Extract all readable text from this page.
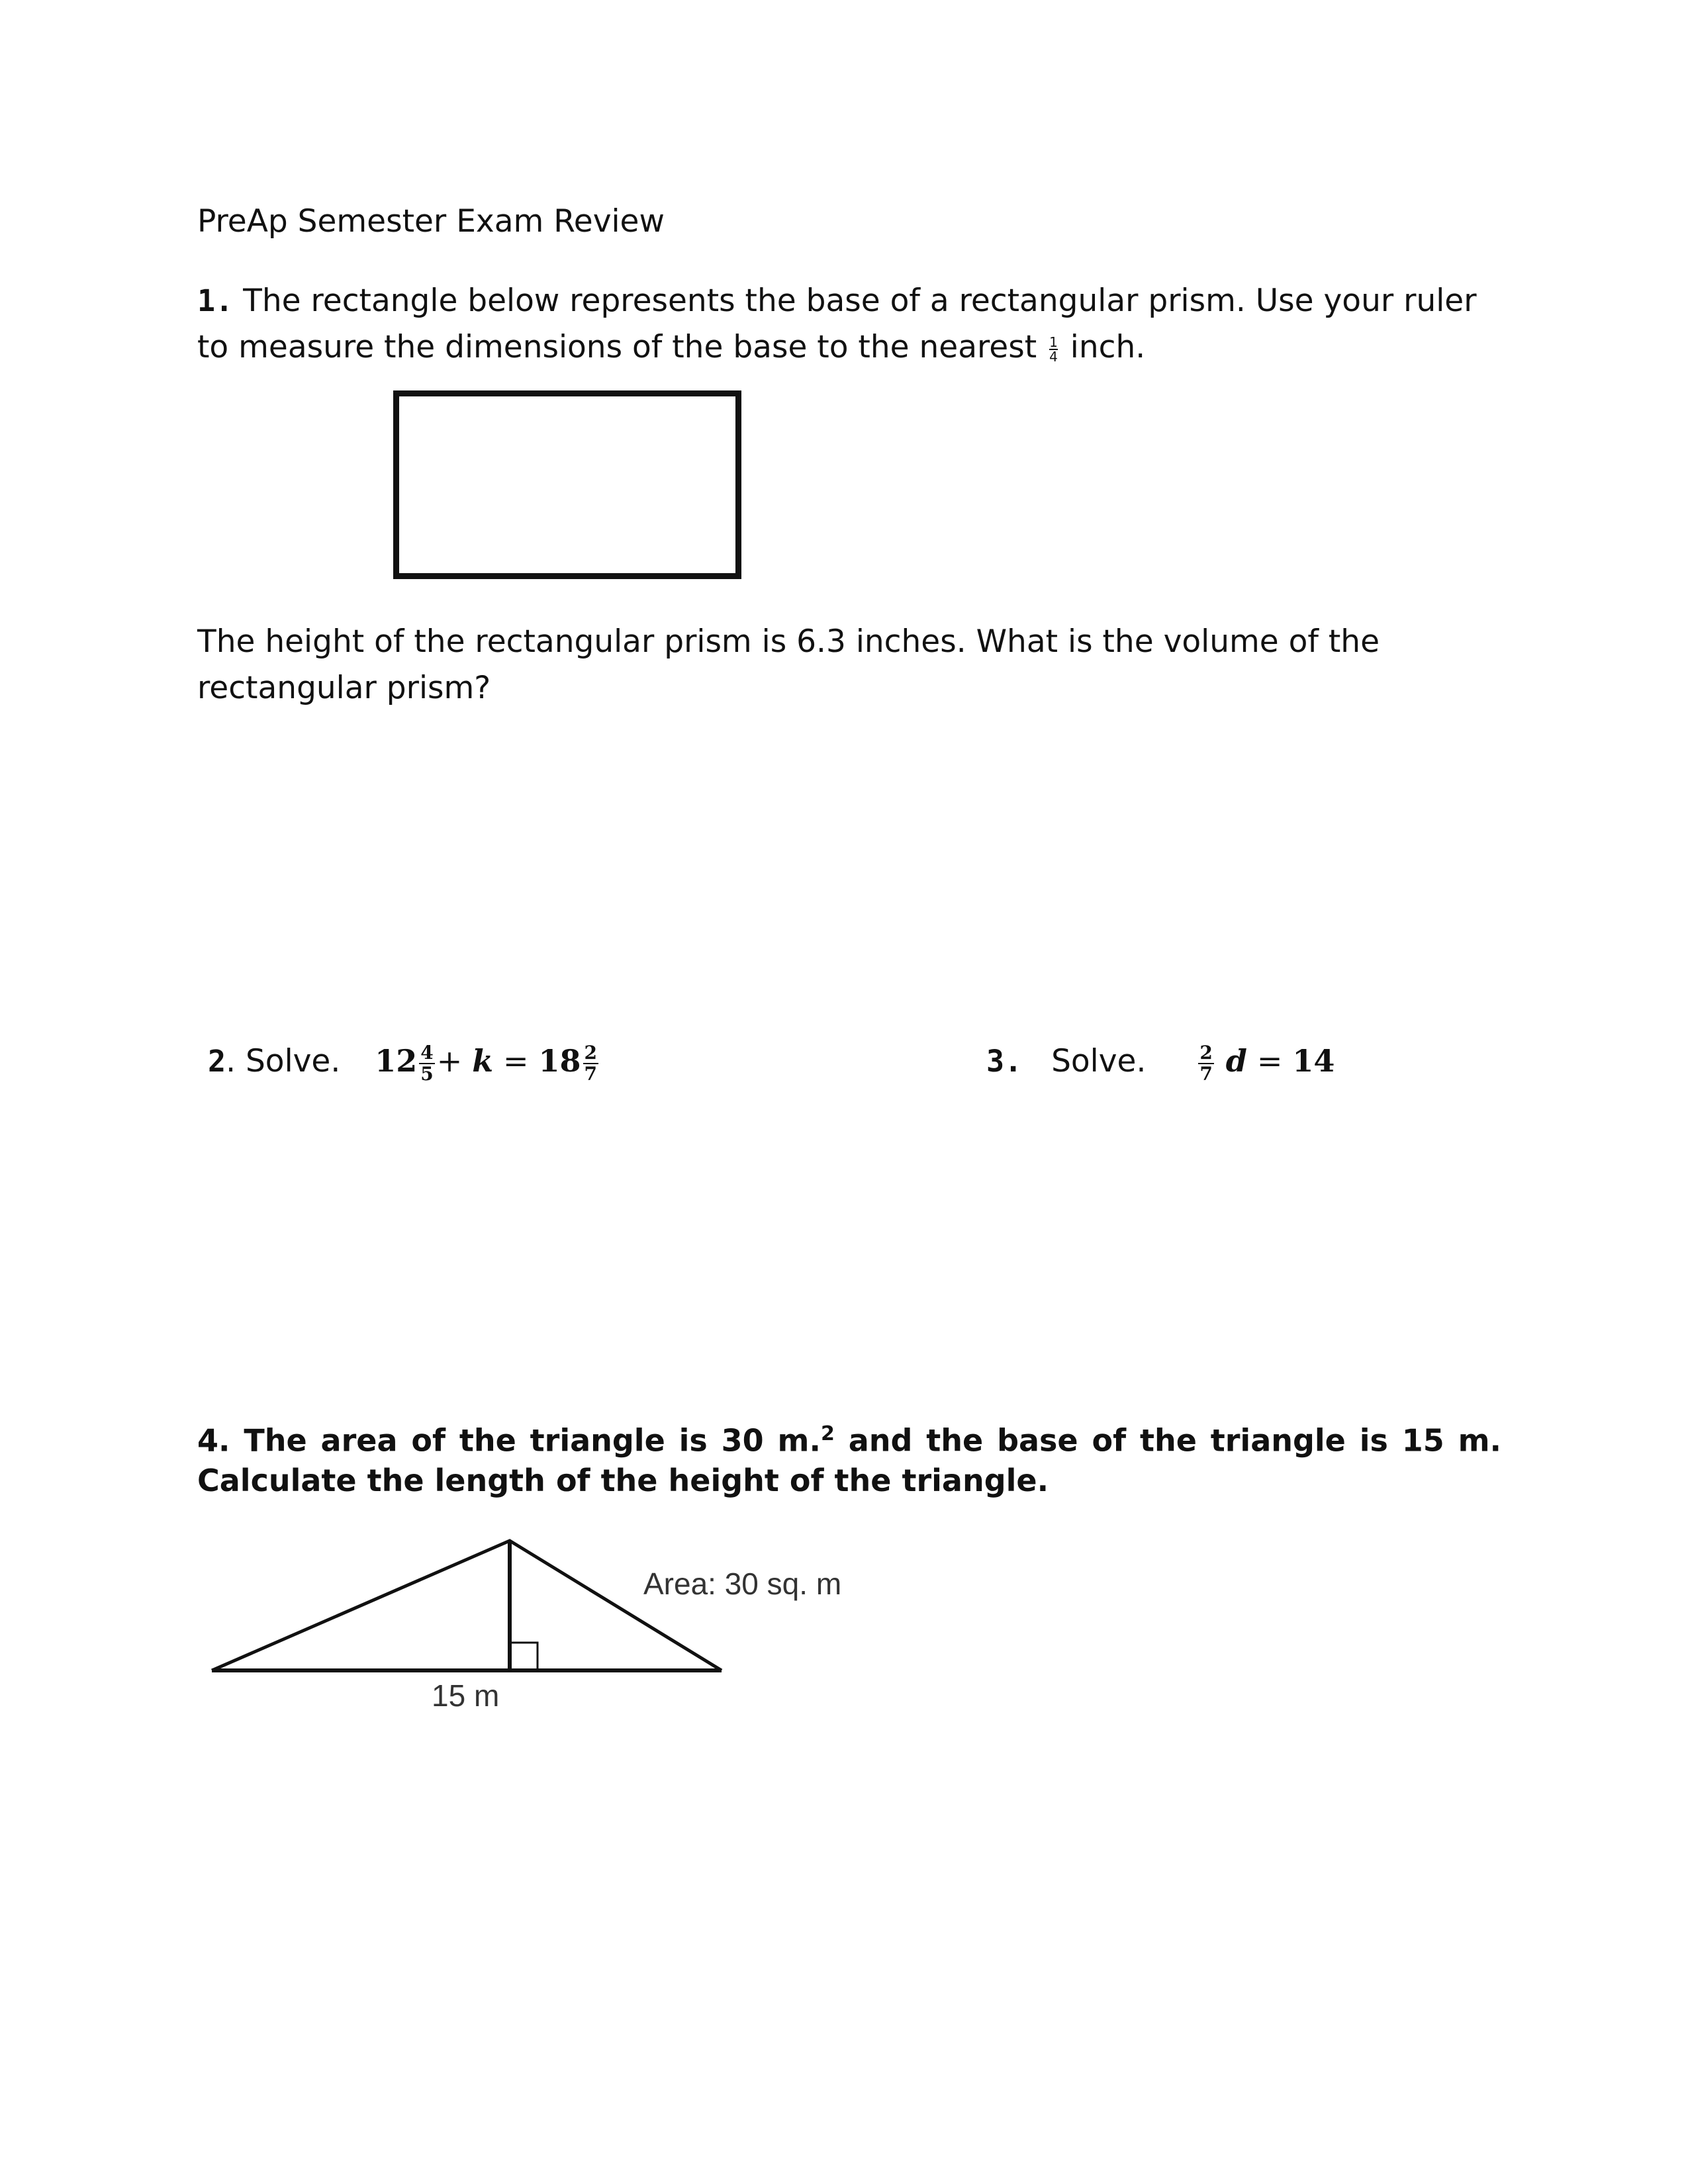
PreAp Semester Exam Review
1. The rectangle below represents the base of a rectangular prism. Use your ruler
to measure the dimensions of the base to the nearest $\frac{1}{4}$ inch.
The height of the rectangular prism is 6.3 inches. What is the volume of the
rectangular prism?
2. Solve. $12 \frac{4}{5} + k = 18 \frac{2}{7}$	3. Solve.	$\frac{2}{7}$ d = 14
4. The area of the triangle is 30 m.$^2$ and the base of the triangle is 15 m.
Calculate the length of the height of the triangle.
Area: 30 sq. m
15 m
